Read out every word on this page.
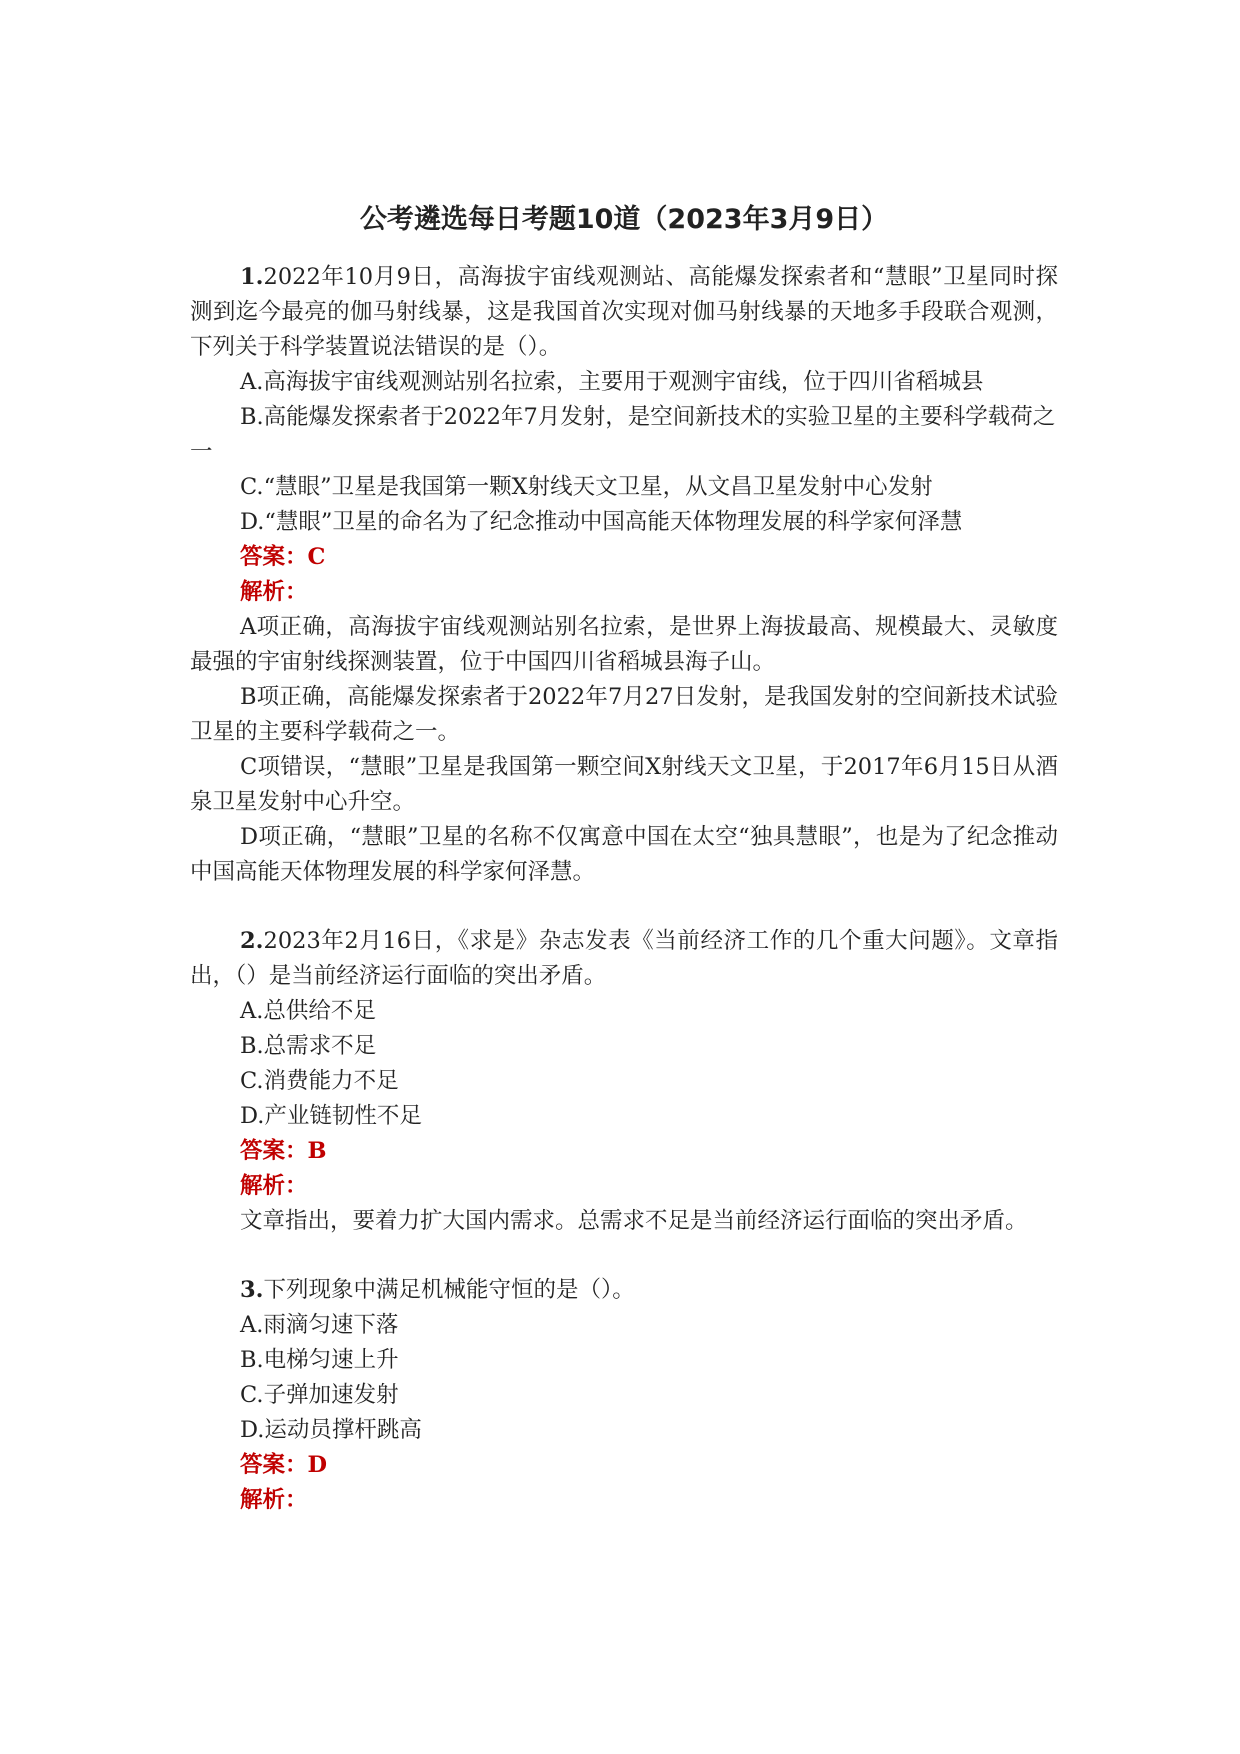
公考遴选每日考题10道（2023年3月9日）

1.2022年10月9日，高海拔宇宙线观测站、高能爆发探索者和“慧眼”卫星同时探测到迄今最亮的伽马射线暴，这是我国首次实现对伽马射线暴的天地多手段联合观测，下列关于科学装置说法错误的是（）。

A.高海拔宇宙线观测站别名拉索，主要用于观测宇宙线，位于四川省稻城县

B.高能爆发探索者于2022年7月发射，是空间新技术的实验卫星的主要科学载荷之一

C.“慧眼”卫星是我国第一颗X射线天文卫星，从文昌卫星发射中心发射

D.“慧眼”卫星的命名为了纪念推动中国高能天体物理发展的科学家何泽慧

答案：C

解析：

A项正确，高海拔宇宙线观测站别名拉索，是世界上海拔最高、规模最大、灵敏度最强的宇宙射线探测装置，位于中国四川省稻城县海子山。

B项正确，高能爆发探索者于2022年7月27日发射，是我国发射的空间新技术试验卫星的主要科学载荷之一。

C项错误，“慧眼”卫星是我国第一颗空间X射线天文卫星，于2017年6月15日从酒泉卫星发射中心升空。

D项正确，“慧眼”卫星的名称不仅寓意中国在太空“独具慧眼”，也是为了纪念推动中国高能天体物理发展的科学家何泽慧。

2.2023年2月16日，《求是》杂志发表《当前经济工作的几个重大问题》。文章指出，（）是当前经济运行面临的突出矛盾。

A.总供给不足

B.总需求不足

C.消费能力不足

D.产业链韧性不足

答案：B

解析：

文章指出，要着力扩大国内需求。总需求不足是当前经济运行面临的突出矛盾。

3.下列现象中满足机械能守恒的是（）。

A.雨滴匀速下落

B.电梯匀速上升

C.子弹加速发射

D.运动员撑杆跳高

答案：D

解析：
